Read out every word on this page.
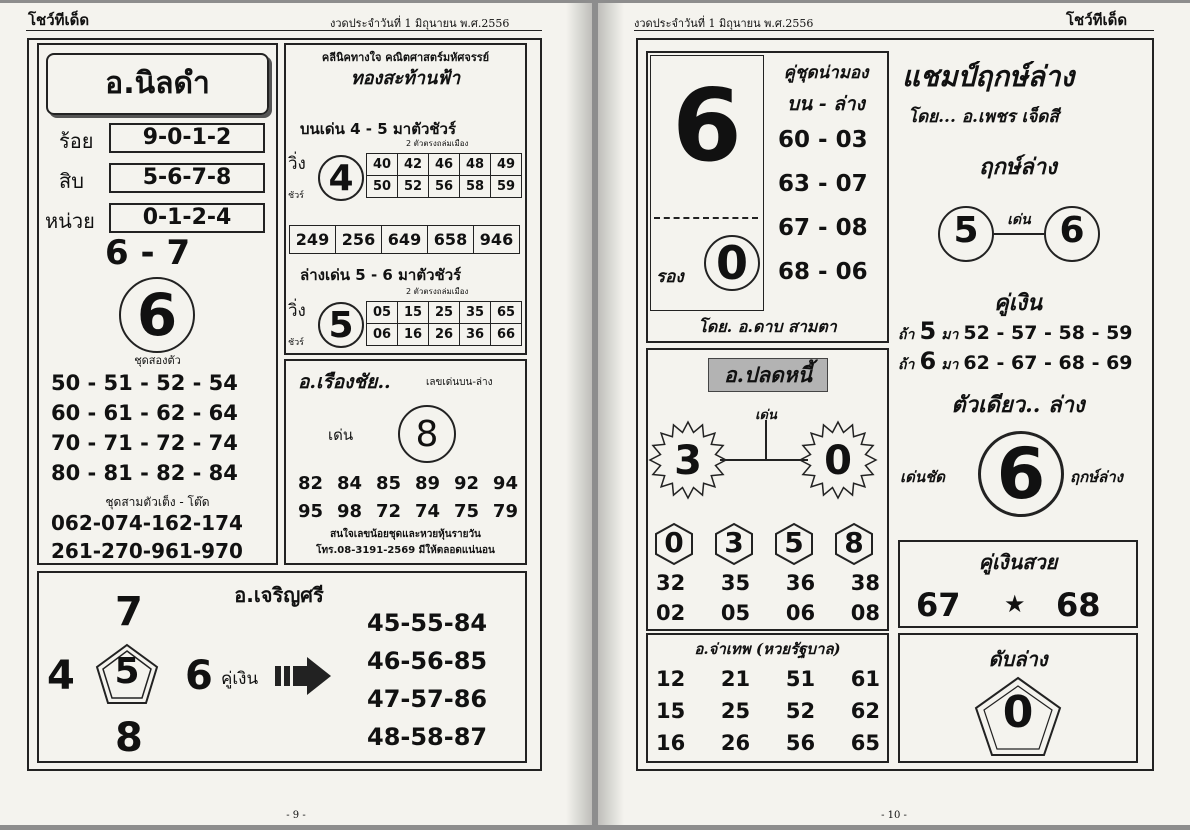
โชว์ทีเด็ด	งวดประจำวันที่ 1 มิถุนายน พ.ศ.2556
อ.นิลดำ
ร้อย	9-0-1-2
สิบ	5-6-7-8
หน่วย	0-1-2-4
6 - 7
6
ชุดสองตัว
50 - 51 - 52 - 54
60 - 61 - 62 - 64
70 - 71 - 72 - 74
80 - 81 - 82 - 84
ชุดสามตัวเต็ง - โต๊ด
062-074-162-174
261-270-961-970
คลีนิคทางใจ คณิตศาสตร์มหัศจรรย์
ทองสะท้านฟ้า
บนเด่น 4 - 5 มาตัวชัวร์
2 ตัวตรงถล่มเมือง
วิ่ง
ชัวร์ 4	40	42	46	48	49
50	52	56	58	59
249	256	649	658	946
ล่างเด่น 5 - 6 มาตัวชัวร์
2 ตัวตรงถล่มเมือง
วิ่ง
ชัวร์ 5	05	15	25	35	65
06	16	26	36	66
อ.เรืองชัย..	เลขเด่นบน-ล่าง
เด่น	8
82 84 85 89 92 94
95 98 72 74 75 79
สนใจเลขน้อยชุดและหวยหุ้นรายวัน
โทร.08-3191-2569 มีให้ตลอดแน่นอน
อ.เจริญศรี
7
4	5	6 คู่เงิน
8
45-55-84
46-56-85
47-57-86
48-58-87
- 9 -
งวดประจำวันที่ 1 มิถุนายน พ.ศ.2556	โชว์ทีเด็ด
6
รอง 0
คู่ชุดน่ามอง
บน - ล่าง
60 - 03
63 - 07
67 - 08
68 - 06
โดย. อ.ดาบ สามตา
อ.ปลดหนี้
เด่น
3	0
0	3	5	8
32 35 36 38
02 05 06 08
อ.จ่าเทพ (หวยรัฐบาล)
12 21 51 61
15 25 52 62
16 26 56 65
แชมป์ฤกษ์ล่าง
โดย... อ.เพชร เจ็ดสี
ฤกษ์ล่าง
5	6
เด่น
คู่เงิน
ถ้า 5 มา 52 - 57 - 58 - 59
ถ้า 6 มา 62 - 67 - 68 - 69
ตัวเดียว.. ล่าง
เด่นชัด 6	ฤกษ์ล่าง
คู่เงินสวย
67 ★ 68
ดับล่าง
0
- 10 -
